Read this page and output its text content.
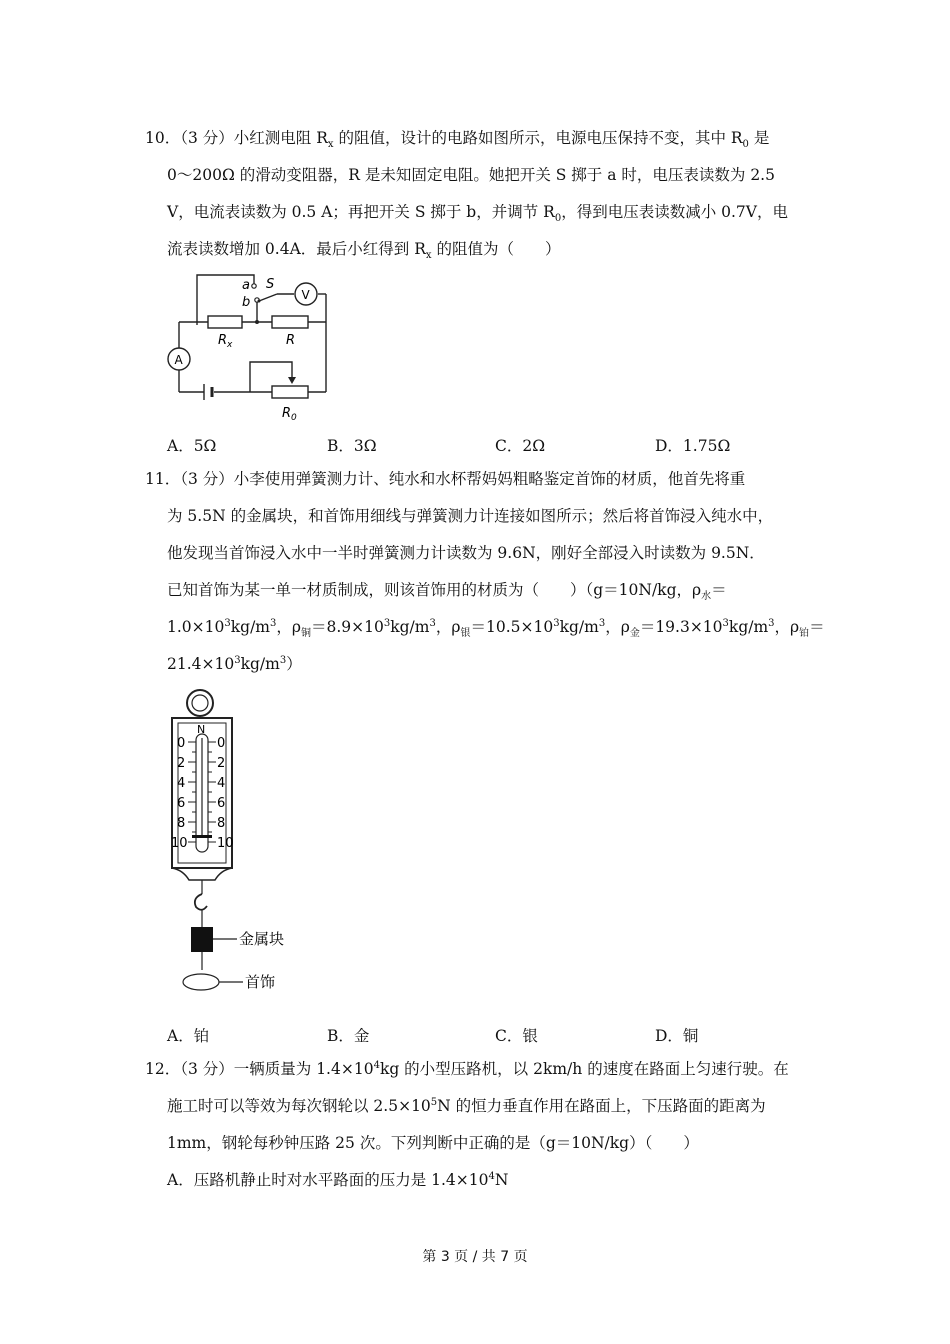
10．（3 分）小红测电阻 $R_x$ 的阻值，设计的电路如图所示，电源电压保持不变，其中 $R_0$ 是
0～200Ω 的滑动变阻器，R 是未知固定电阻。她把开关 S 掷于 a 时，电压表读数为 2.5
V，电流表读数为 0.5 A；再把开关 S 掷于 b，并调节 $R_0$，得到电压表读数减小 0.7V，电
流表读数增加 0.4A．最后小红得到 $R_x$ 的阻值为（　　）
a
b
S
V
A
$R_x$	R
$R_0$
A．5Ω	B．3Ω	C．2Ω	D．1.75Ω
11．（3 分）小李使用弹簧测力计、纯水和水杯帮妈妈粗略鉴定首饰的材质，他首先将重
为 5.5N 的金属块，和首饰用细线与弹簧测力计连接如图所示；然后将首饰浸入纯水中，
他发现当首饰浸入水中一半时弹簧测力计读数为 9.6N，刚好全部浸入时读数为 9.5N．
已知首饰为某一单一材质制成，则该首饰用的材质为（　　）（g＝10N/kg，$\rho_水=$
$1.0\times 10^3kg/m^3$，$\rho_铜=8.9\times 10^3kg/m^3$，$\rho_银=10.5\times 10^3kg/m^3$，$\rho_金=19.3\times 10^3kg/m^3$，$\rho_铂=$
$21.4\times 10^3kg/m^3$）
N
0 0
2 2
4 4
6 6
8 8
10 10
金属块
首饰
A．铂	B．金	C．银	D．铜
12．（3 分）一辆质量为 $1.4\times 10^4kg$ 的小型压路机，以 2km/h 的速度在路面上匀速行驶。在
施工时可以等效为每次钢轮以 $2.5\times 10^5N$ 的恒力垂直作用在路面上，下压路面的距离为
1mm，钢轮每秒钟压路 25 次。下列判断中正确的是（g＝10N/kg）（　　）
A．压路机静止时对水平路面的压力是 $1.4\times 10^4N$
第 3 页 / 共 7 页
